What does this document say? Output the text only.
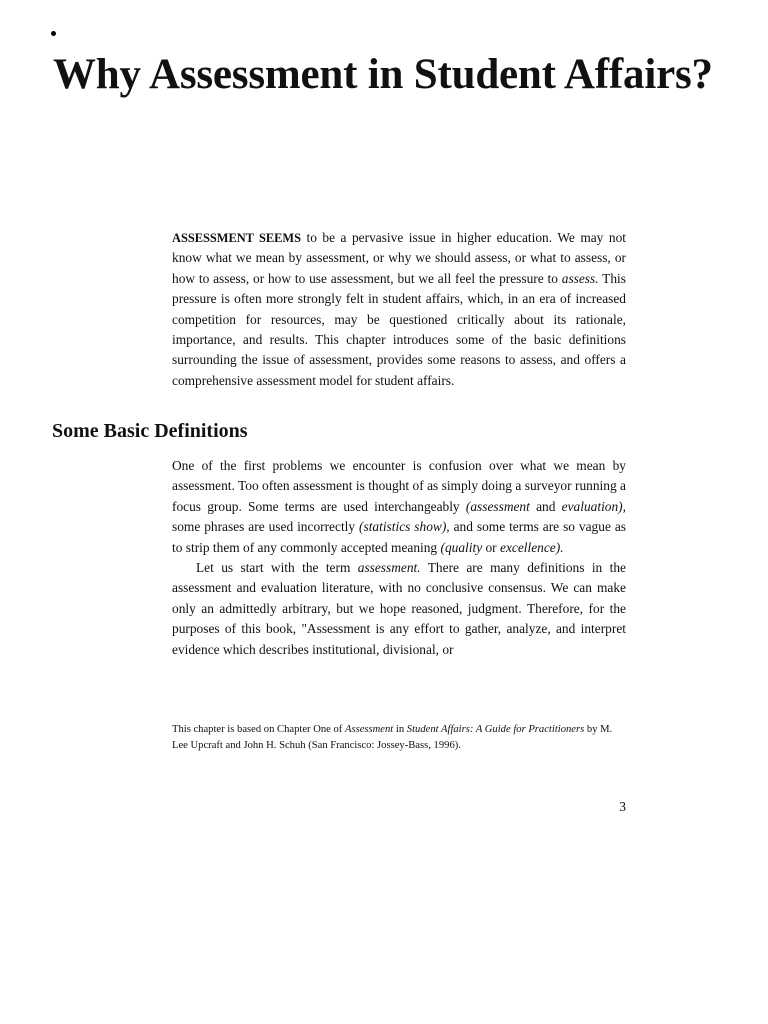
Why Assessment in Student Affairs?

ASSESSMENT SEEMS to be a pervasive issue in higher education. We may not know what we mean by assessment, or why we should assess, or what to assess, or how to assess, or how to use assessment, but we all feel the pressure to assess. This pressure is often more strongly felt in student affairs, which, in an era of increased competition for resources, may be questioned critically about its rationale, importance, and results. This chapter introduces some of the basic definitions surrounding the issue of assessment, provides some reasons to assess, and offers a comprehensive assessment model for student affairs.

Some Basic Definitions
One of the first problems we encounter is confusion over what we mean by assessment. Too often assessment is thought of as simply doing a surveyor running a focus group. Some terms are used interchangeably (assessment and evaluation), some phrases are used incorrectly (statistics show), and some terms are so vague as to strip them of any commonly accepted meaning (quality or excellence).
Let us start with the term assessment. There are many definitions in the assessment and evaluation literature, with no conclusive consensus. We can make only an admittedly arbitrary, but we hope reasoned, judgment. Therefore, for the purposes of this book, "Assessment is any effort to gather, analyze, and interpret evidence which describes institutional, divisional, or

This chapter is based on Chapter One of Assessment in Student Affairs: A Guide for Practitioners by M. Lee Upcraft and John H. Schuh (San Francisco: Jossey-Bass, 1996).

3
